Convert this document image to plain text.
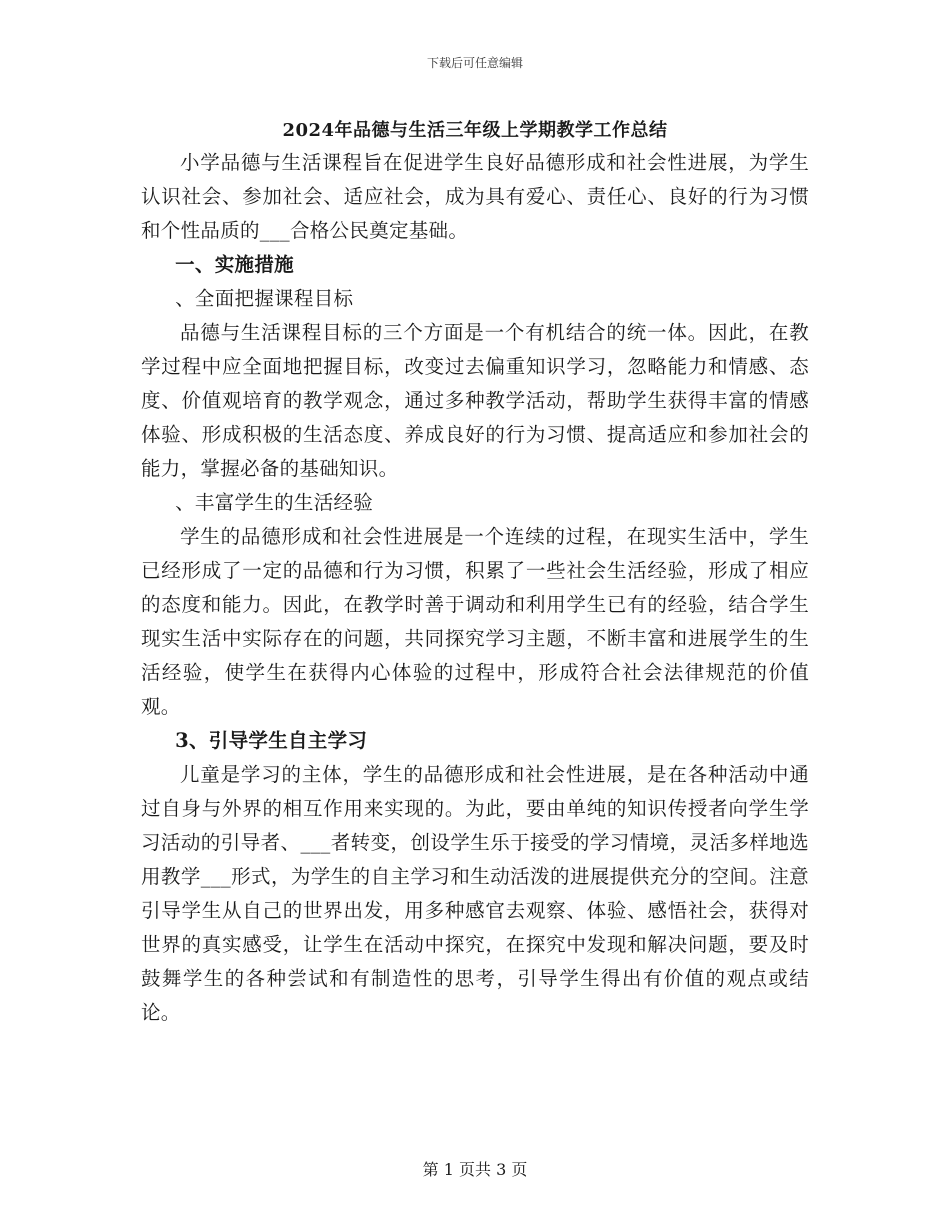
下载后可任意编辑
2024年品德与生活三年级上学期教学工作总结

小学品德与生活课程旨在促进学生良好品德形成和社会性进展，为学生认识社会、参加社会、适应社会，成为具有爱心、责任心、良好的行为习惯和个性品质的___合格公民奠定基础。

一、实施措施

、全面把握课程目标

品德与生活课程目标的三个方面是一个有机结合的统一体。因此，在教学过程中应全面地把握目标，改变过去偏重知识学习，忽略能力和情感、态度、价值观培育的教学观念，通过多种教学活动，帮助学生获得丰富的情感体验、形成积极的生活态度、养成良好的行为习惯、提高适应和参加社会的能力，掌握必备的基础知识。

、丰富学生的生活经验

学生的品德形成和社会性进展是一个连续的过程，在现实生活中，学生已经形成了一定的品德和行为习惯，积累了一些社会生活经验，形成了相应的态度和能力。因此，在教学时善于调动和利用学生已有的经验，结合学生现实生活中实际存在的问题，共同探究学习主题，不断丰富和进展学生的生活经验，使学生在获得内心体验的过程中，形成符合社会法律规范的价值观。

3、引导学生自主学习

儿童是学习的主体，学生的品德形成和社会性进展，是在各种活动中通过自身与外界的相互作用来实现的。为此，要由单纯的知识传授者向学生学习活动的引导者、___者转变，创设学生乐于接受的学习情境，灵活多样地选用教学___形式，为学生的自主学习和生动活泼的进展提供充分的空间。注意引导学生从自己的世界出发，用多种感官去观察、体验、感悟社会，获得对世界的真实感受，让学生在活动中探究，在探究中发现和解决问题，要及时鼓舞学生的各种尝试和有制造性的思考，引导学生得出有价值的观点或结论。

第 1 页共 3 页
